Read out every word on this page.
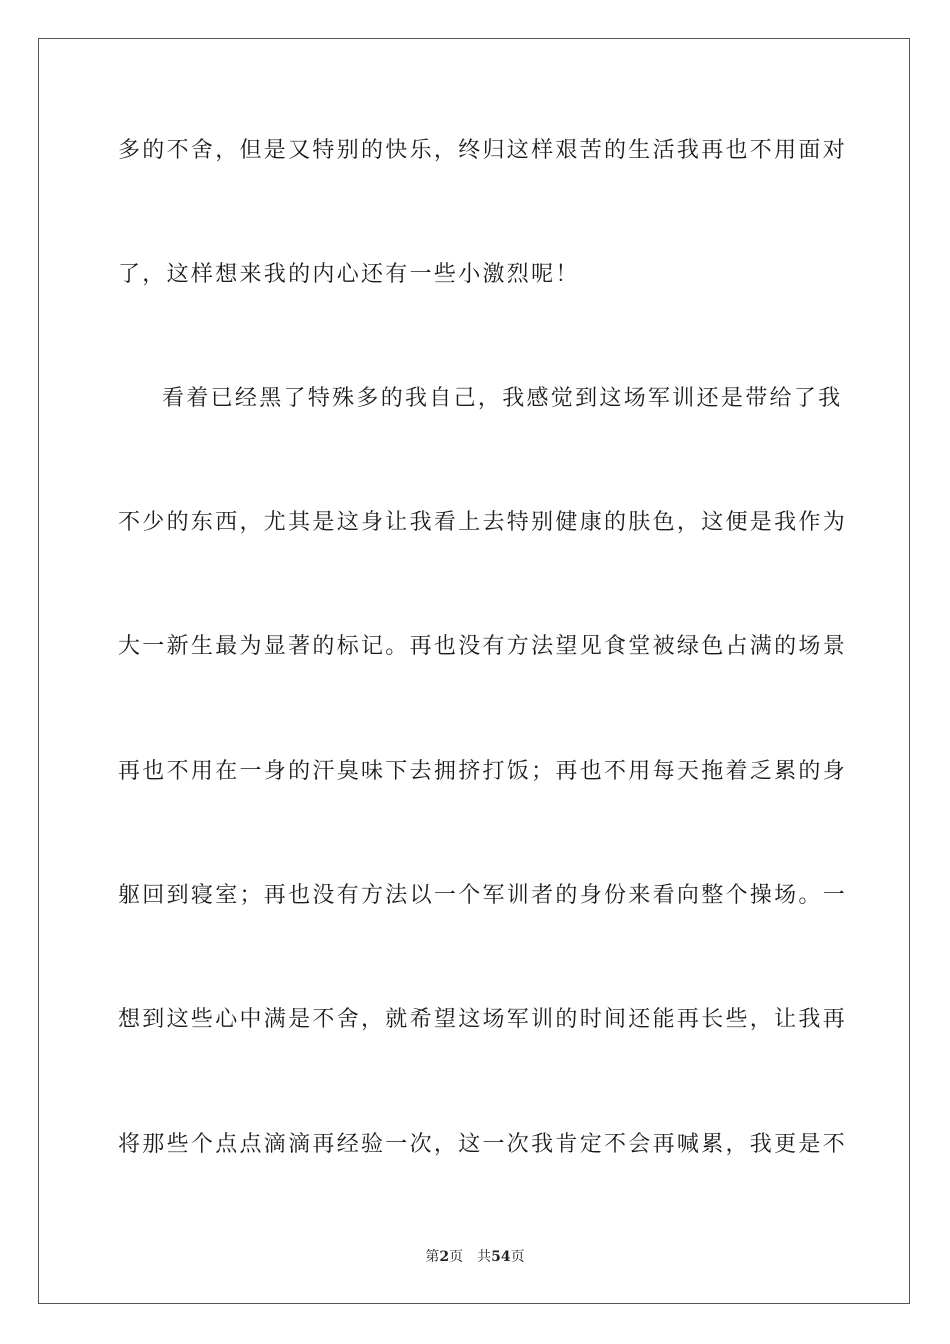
多的不舍，但是又特别的快乐，终归这样艰苦的生活我再也不用面对
了，这样想来我的内心还有一些小激烈呢！
看着已经黑了特殊多的我自己，我感觉到这场军训还是带给了我
不少的东西，尤其是这身让我看上去特别健康的肤色，这便是我作为
大一新生最为显著的标记。再也没有方法望见食堂被绿色占满的场景
再也不用在一身的汗臭味下去拥挤打饭；再也不用每天拖着乏累的身
躯回到寝室；再也没有方法以一个军训者的身份来看向整个操场。一
想到这些心中满是不舍，就希望这场军训的时间还能再长些，让我再
将那些个点点滴滴再经验一次，这一次我肯定不会再喊累，我更是不
第2页 共54页
